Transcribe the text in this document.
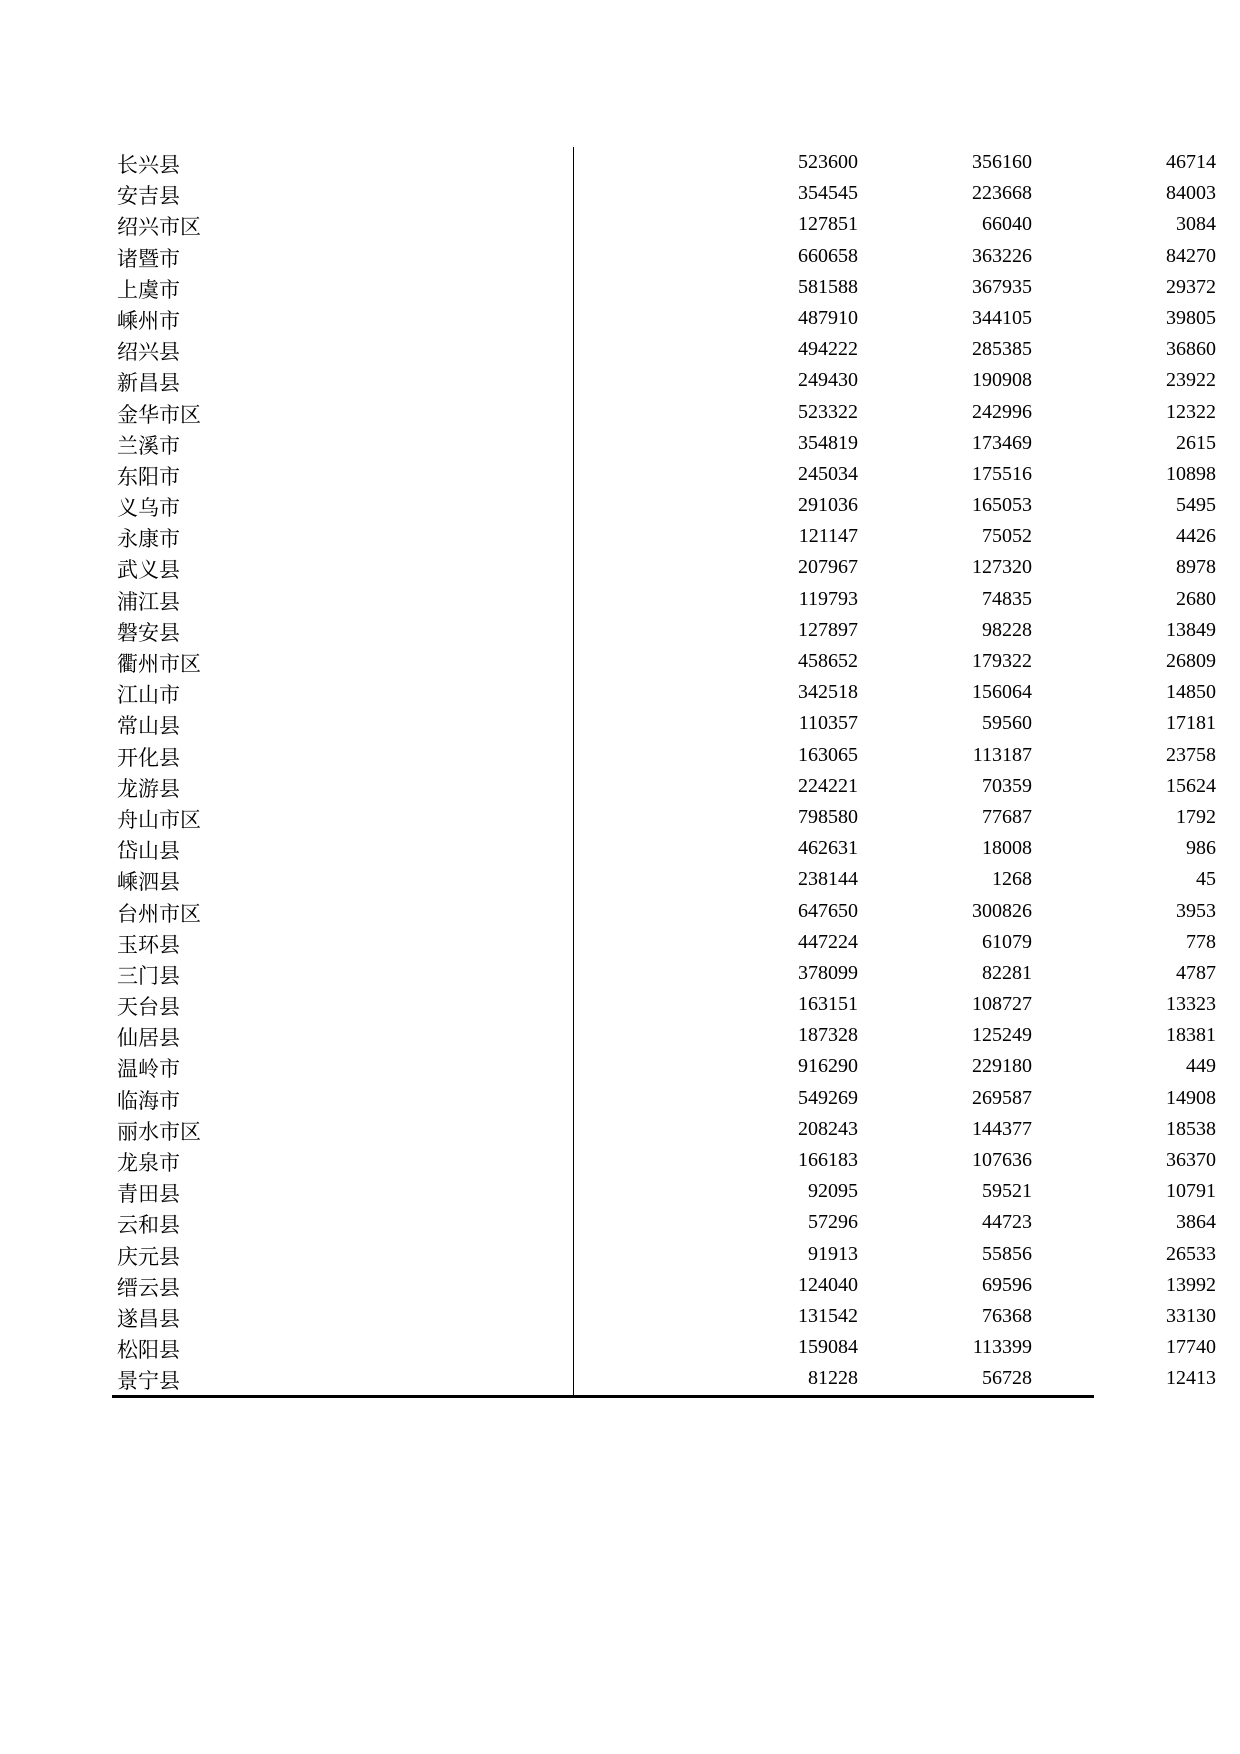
长兴县	523600	356160	46714
安吉县	354545	223668	84003
绍兴市区	127851	66040	3084
诸暨市	660658	363226	84270
上虞市	581588	367935	29372
嵊州市	487910	344105	39805
绍兴县	494222	285385	36860
新昌县	249430	190908	23922
金华市区	523322	242996	12322
兰溪市	354819	173469	2615
东阳市	245034	175516	10898
义乌市	291036	165053	5495
永康市	121147	75052	4426
武义县	207967	127320	8978
浦江县	119793	74835	2680
磐安县	127897	98228	13849
衢州市区	458652	179322	26809
江山市	342518	156064	14850
常山县	110357	59560	17181
开化县	163065	113187	23758
龙游县	224221	70359	15624
舟山市区	798580	77687	1792
岱山县	462631	18008	986
嵊泗县	238144	1268	45
台州市区	647650	300826	3953
玉环县	447224	61079	778
三门县	378099	82281	4787
天台县	163151	108727	13323
仙居县	187328	125249	18381
温岭市	916290	229180	449
临海市	549269	269587	14908
丽水市区	208243	144377	18538
龙泉市	166183	107636	36370
青田县	92095	59521	10791
云和县	57296	44723	3864
庆元县	91913	55856	26533
缙云县	124040	69596	13992
遂昌县	131542	76368	33130
松阳县	159084	113399	17740
景宁县	81228	56728	12413
